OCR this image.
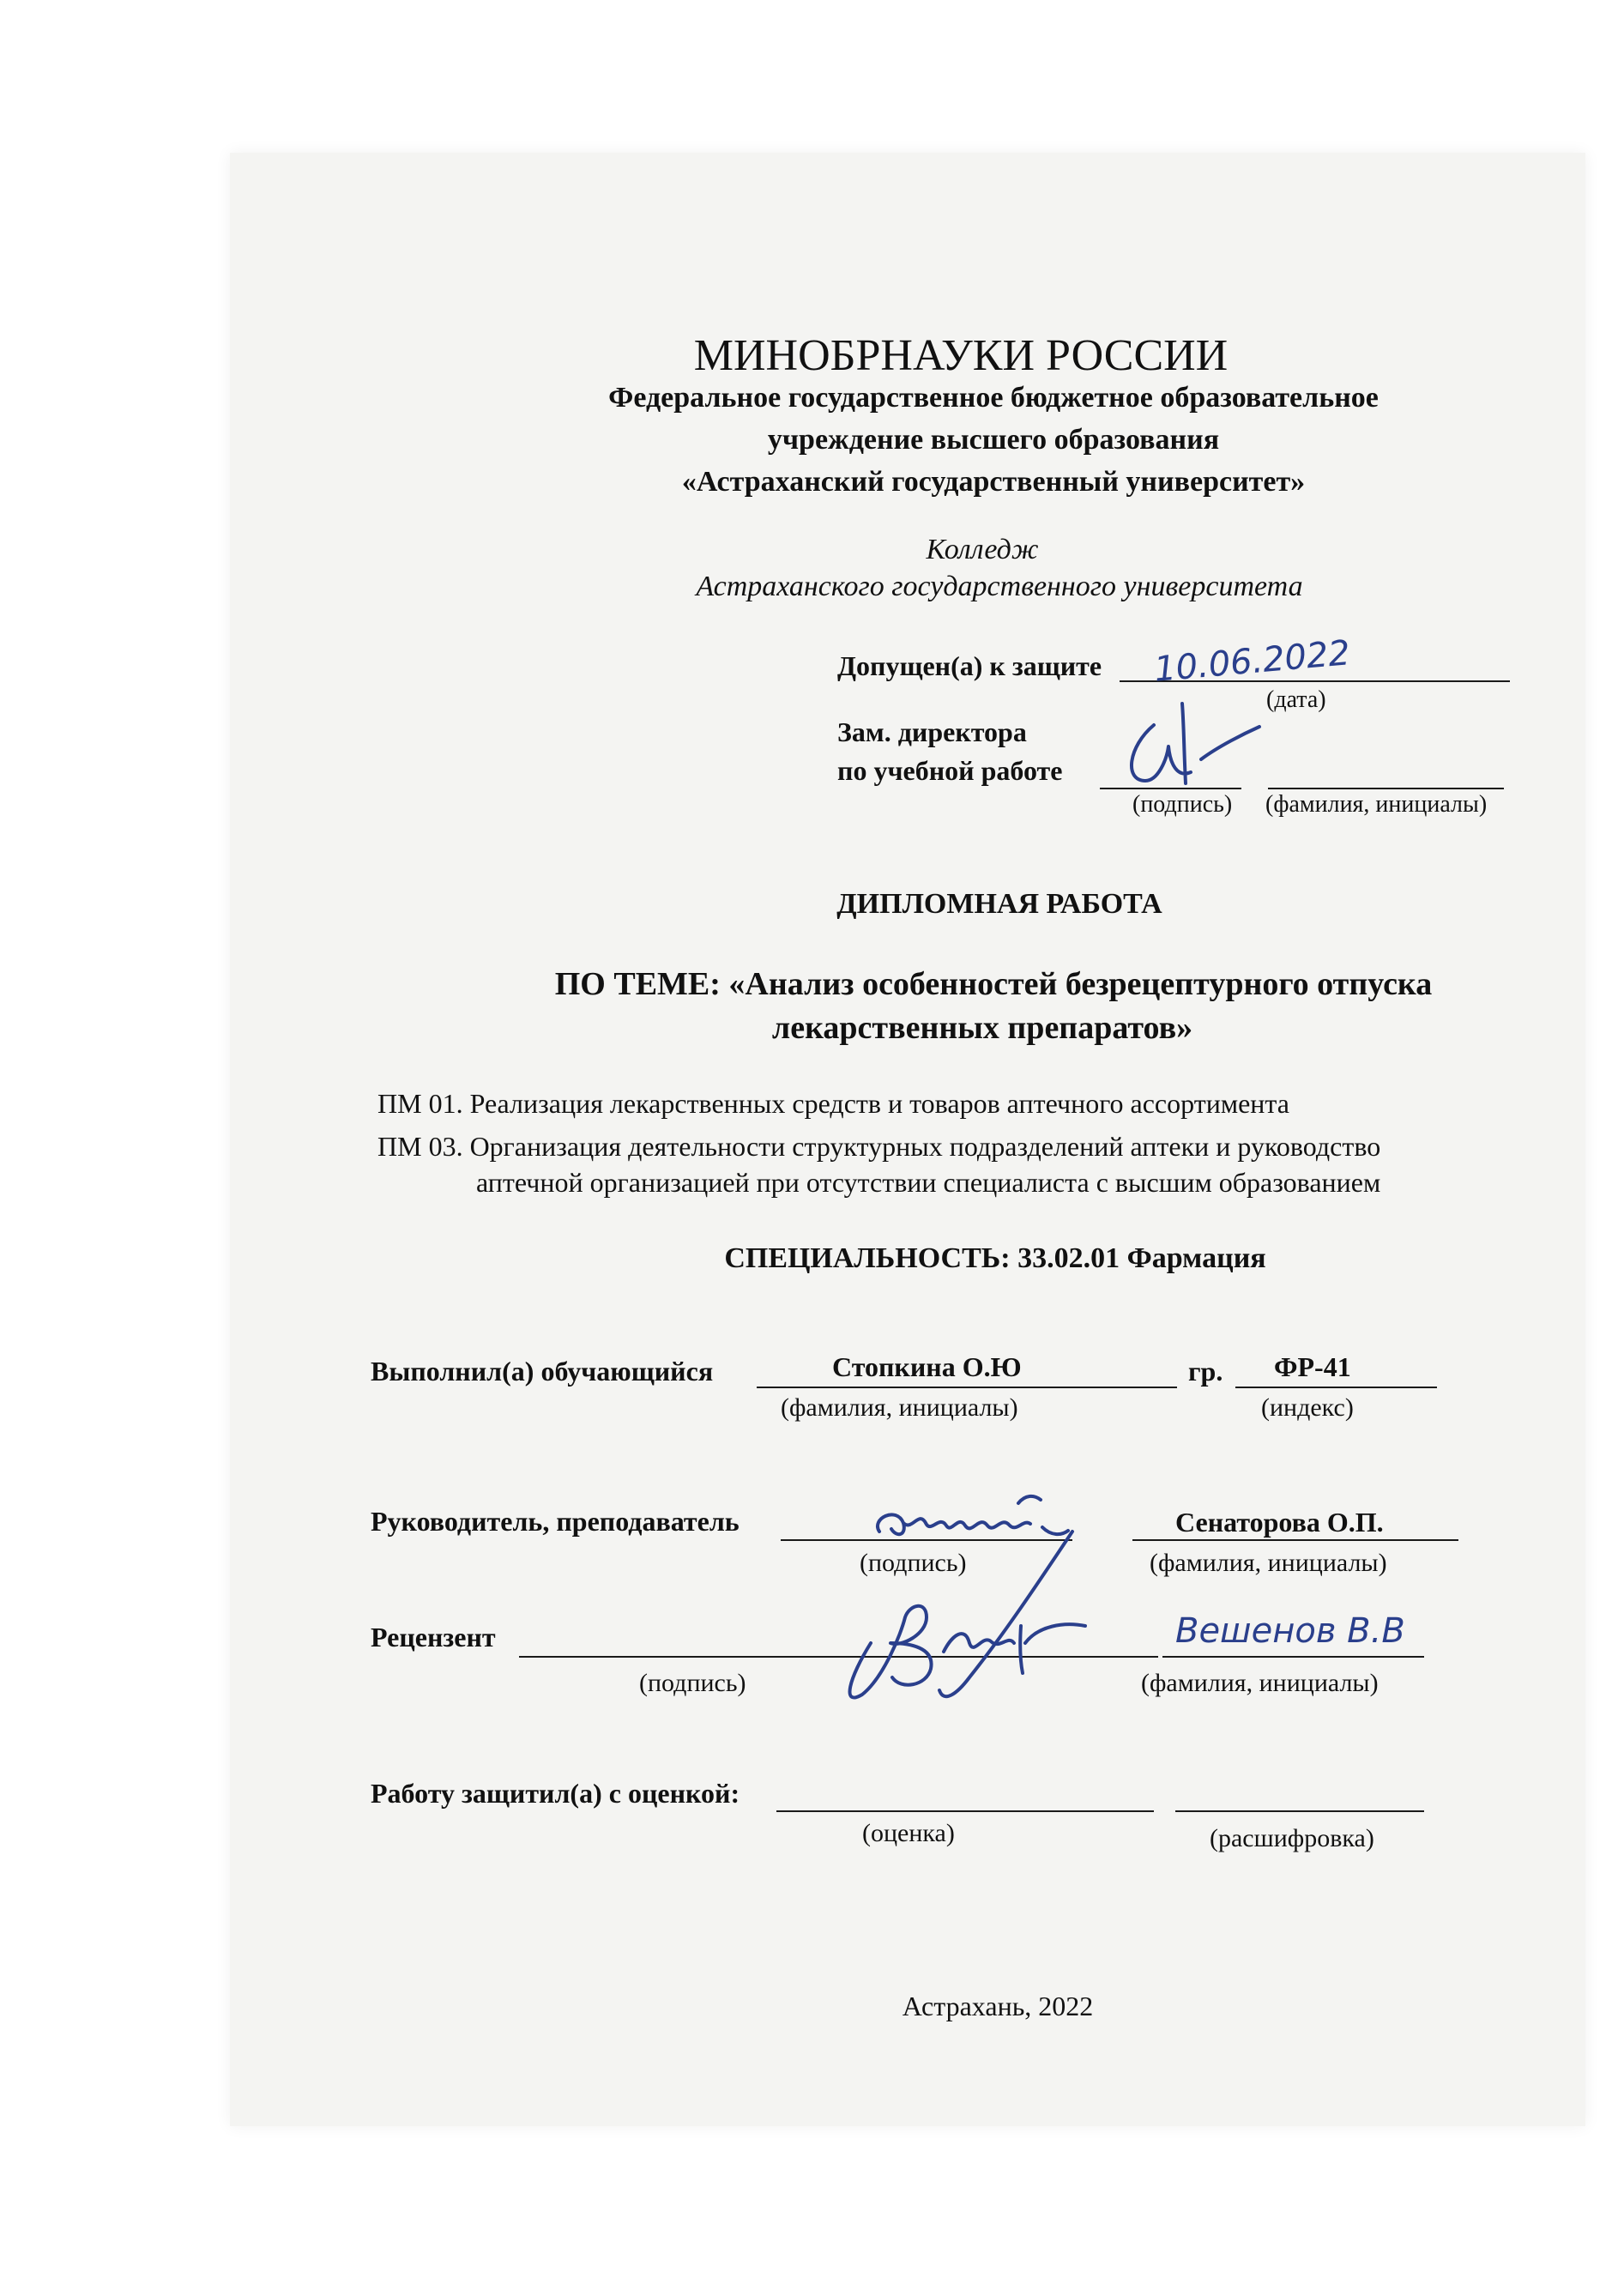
МИНОБРНАУКИ РОССИИ
Федеральное государственное бюджетное образовательное
учреждение высшего образования
«Астраханский государственный университет»
Колледж
Астраханского государственного университета
Допущен(а) к защите 10.06.2022
(дата)
Зам. директора
по учебной работе
(подпись) (фамилия, инициалы)
ДИПЛОМНАЯ РАБОТА
ПО ТЕМЕ: «Анализ особенностей безрецептурного отпуска
лекарственных препаратов»
ПМ 01. Реализация лекарственных средств и товаров аптечного ассортимента
ПМ 03. Организация деятельности структурных подразделений аптеки и руководство
аптечной организацией при отсутствии специалиста с высшим образованием
СПЕЦИАЛЬНОСТЬ: 33.02.01 Фармация
Выполнил(а) обучающийся	Стопкина О.Ю	гр. ФР-41
(фамилия, инициалы)	(индекс)
Руководитель, преподаватель	Сенаторова О.П.
(подпись)	(фамилия, инициалы)
Рецензент	Вешенов В.В
(подпись)	(фамилия, инициалы)
Работу защитил(а) с оценкой:
(оценка)	(расшифровка)
Астрахань, 2022
